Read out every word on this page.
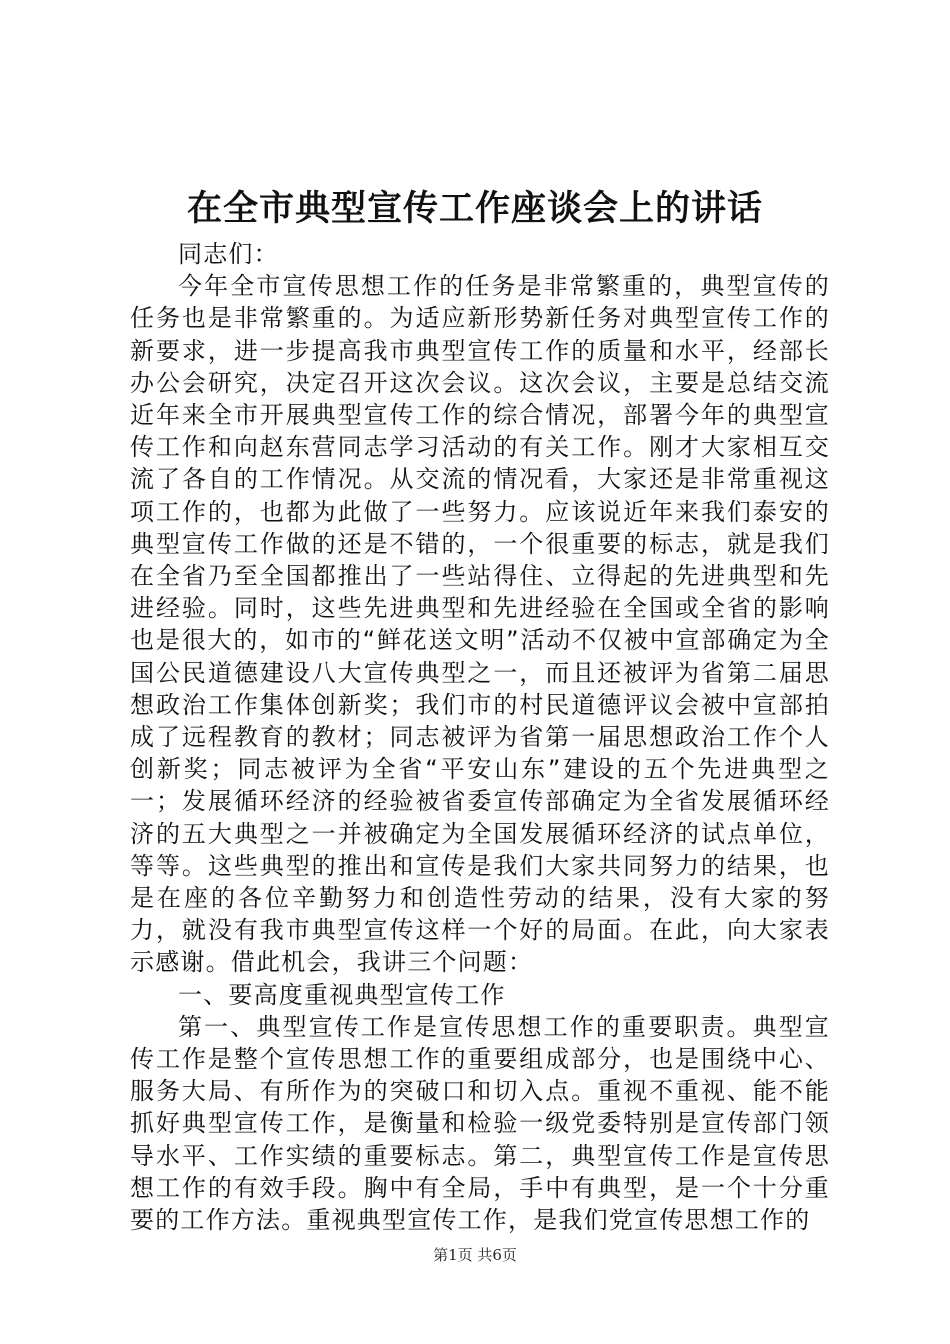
在全市典型宣传工作座谈会上的讲话

同志们：

今年全市宣传思想工作的任务是非常繁重的，典型宣传的任务也是非常繁重的。为适应新形势新任务对典型宣传工作的新要求，进一步提高我市典型宣传工作的质量和水平，经部长办公会研究，决定召开这次会议。这次会议，主要是总结交流近年来全市开展典型宣传工作的综合情况，部署今年的典型宣传工作和向赵东营同志学习活动的有关工作。刚才大家相互交流了各自的工作情况。从交流的情况看，大家还是非常重视这项工作的，也都为此做了一些努力。应该说近年来我们泰安的典型宣传工作做的还是不错的，一个很重要的标志，就是我们在全省乃至全国都推出了一些站得住、立得起的先进典型和先进经验。同时，这些先进典型和先进经验在全国或全省的影响也是很大的，如市的“鲜花送文明”活动不仅被中宣部确定为全国公民道德建设八大宣传典型之一，而且还被评为省第二届思想政治工作集体创新奖；我们市的村民道德评议会被中宣部拍成了远程教育的教材；同志被评为省第一届思想政治工作个人创新奖；同志被评为全省“平安山东”建设的五个先进典型之一；发展循环经济的经验被省委宣传部确定为全省发展循环经济的五大典型之一并被确定为全国发展循环经济的试点单位，等等。这些典型的推出和宣传是我们大家共同努力的结果，也是在座的各位辛勤努力和创造性劳动的结果，没有大家的努力，就没有我市典型宣传这样一个好的局面。在此，向大家表示感谢。借此机会，我讲三个问题：

一、要高度重视典型宣传工作

第一、典型宣传工作是宣传思想工作的重要职责。典型宣传工作是整个宣传思想工作的重要组成部分，也是围绕中心、服务大局、有所作为的突破口和切入点。重视不重视、能不能抓好典型宣传工作，是衡量和检验一级党委特别是宣传部门领导水平、工作实绩的重要标志。第二，典型宣传工作是宣传思想工作的有效手段。胸中有全局，手中有典型，是一个十分重要的工作方法。重视典型宣传工作，是我们党宣传思想工作的

第1页 共6页
